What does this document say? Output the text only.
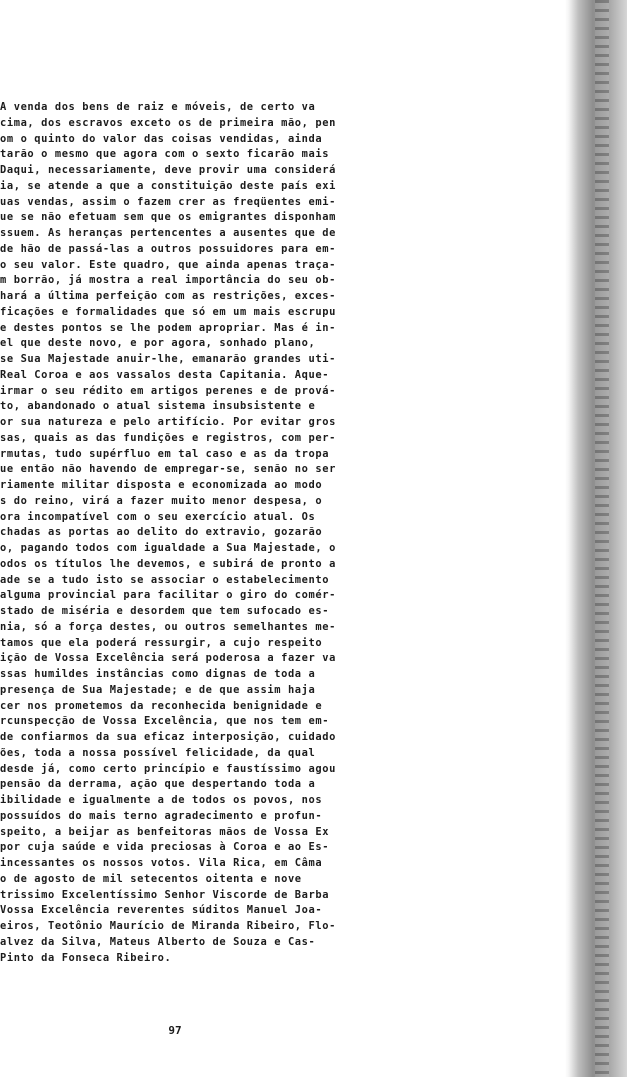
A venda dos bens de raiz e móveis, de certo va
cima, dos escravos exceto os de primeira mão, pen
om o quinto do valor das coisas vendidas, ainda
tarão o mesmo que agora com o sexto ficarão mais
Daqui, necessariamente, deve provir uma considerá
ia, se atende a que a constituição deste país exi
uas vendas, assim o fazem crer as freqüentes emi-
ue se não efetuam sem que os emigrantes disponham
ssuem. As heranças pertencentes a ausentes que de
de hão de passá-las a outros possuidores para em-
o seu valor. Este quadro, que ainda apenas traça-
m borrão, já mostra a real importância do seu ob-
hará a última perfeição com as restrições, exces-
ficações e formalidades que só em um mais escrupu
e destes pontos se lhe podem apropriar. Mas é in-
el que deste novo, e por agora, sonhado plano,
se Sua Majestade anuir-lhe, emanarão grandes uti-
Real Coroa e aos vassalos desta Capitania. Aque-
irmar o seu rédito em artigos perenes e de prová-
to, abandonado o atual sistema insubsistente e
or sua natureza e pelo artifício. Por evitar gros
sas, quais as das fundições e registros, com per-
rmutas, tudo supérfluo em tal caso e as da tropa
ue então não havendo de empregar-se, senão no ser
riamente militar disposta e economizada ao modo
s do reino, virá a fazer muito menor despesa, o
ora incompatível com o seu exercício atual. Os
chadas as portas ao delito do extravio, gozarão
o, pagando todos com igualdade a Sua Majestade, o
odos os títulos lhe devemos, e subirá de pronto a
ade se a tudo isto se associar o estabelecimento
alguma provincial para facilitar o giro do comér-
stado de miséria e desordem que tem sufocado es-
nia, só a força destes, ou outros semelhantes me-
tamos que ela poderá ressurgir, a cujo respeito
ição de Vossa Excelência será poderosa a fazer va
ssas humildes instâncias como dignas de toda a
presença de Sua Majestade; e de que assim haja
cer nos prometemos da reconhecida benignidade e
rcunspecção de Vossa Excelência, que nos tem em-
de confiarmos da sua eficaz interposição, cuidado
ões, toda a nossa possível felicidade, da qual
desde já, como certo princípio e faustíssimo agou
pensão da derrama, ação que despertando toda a
ibilidade e igualmente a de todos os povos, nos
possuídos do mais terno agradecimento e profun-
speito, a beijar as benfeitoras mãos de Vossa Ex
por cuja saúde e vida preciosas à Coroa e ao Es-
incessantes os nossos votos. Vila Rica, em Câma
o de agosto de mil setecentos oitenta e nove
trissimo Excelentíssimo Senhor Viscorde de Barba
Vossa Excelência reverentes súditos Manuel Joa-
eiros, Teotônio Maurício de Miranda Ribeiro, Flo-
alvez da Silva, Mateus Alberto de Souza e Cas-
Pinto da Fonseca Ribeiro.
97
